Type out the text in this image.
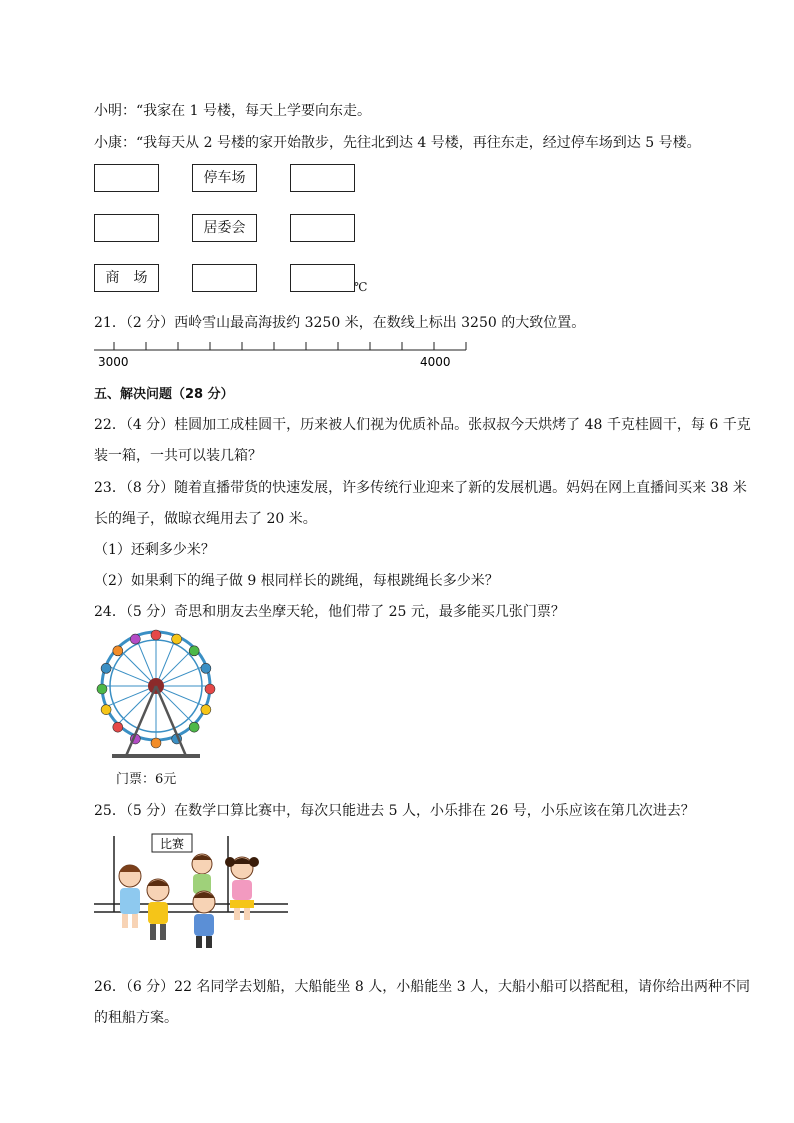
小明：“我家在 1 号楼，每天上学要向东走。
小康：“我每天从 2 号楼的家开始散步，先往北到达 4 号楼，再往东走，经过停车场到达 5 号楼。
停车场
居委会
商　场
℃
21．（2 分）西岭雪山最高海拔约 3250 米，在数线上标出 3250 的大致位置。
3000	4000
五、解决问题（28 分）
22．（4 分）桂圆加工成桂圆干，历来被人们视为优质补品。张叔叔今天烘烤了 48 千克桂圆干，每 6 千克
装一箱，一共可以装几箱？
23．（8 分）随着直播带货的快速发展，许多传统行业迎来了新的发展机遇。妈妈在网上直播间买来 38 米
长的绳子，做晾衣绳用去了 20 米。
（1）还剩多少米？
（2）如果剩下的绳子做 9 根同样长的跳绳，每根跳绳长多少米？
24．（5 分）奇思和朋友去坐摩天轮，他们带了 25 元，最多能买几张门票？
门票：6元
25．（5 分）在数学口算比赛中，每次只能进去 5 人，小乐排在 26 号，小乐应该在第几次进去？
比赛
26．（6 分）22 名同学去划船，大船能坐 8 人，小船能坐 3 人，大船小船可以搭配租，请你给出两种不同
的租船方案。
